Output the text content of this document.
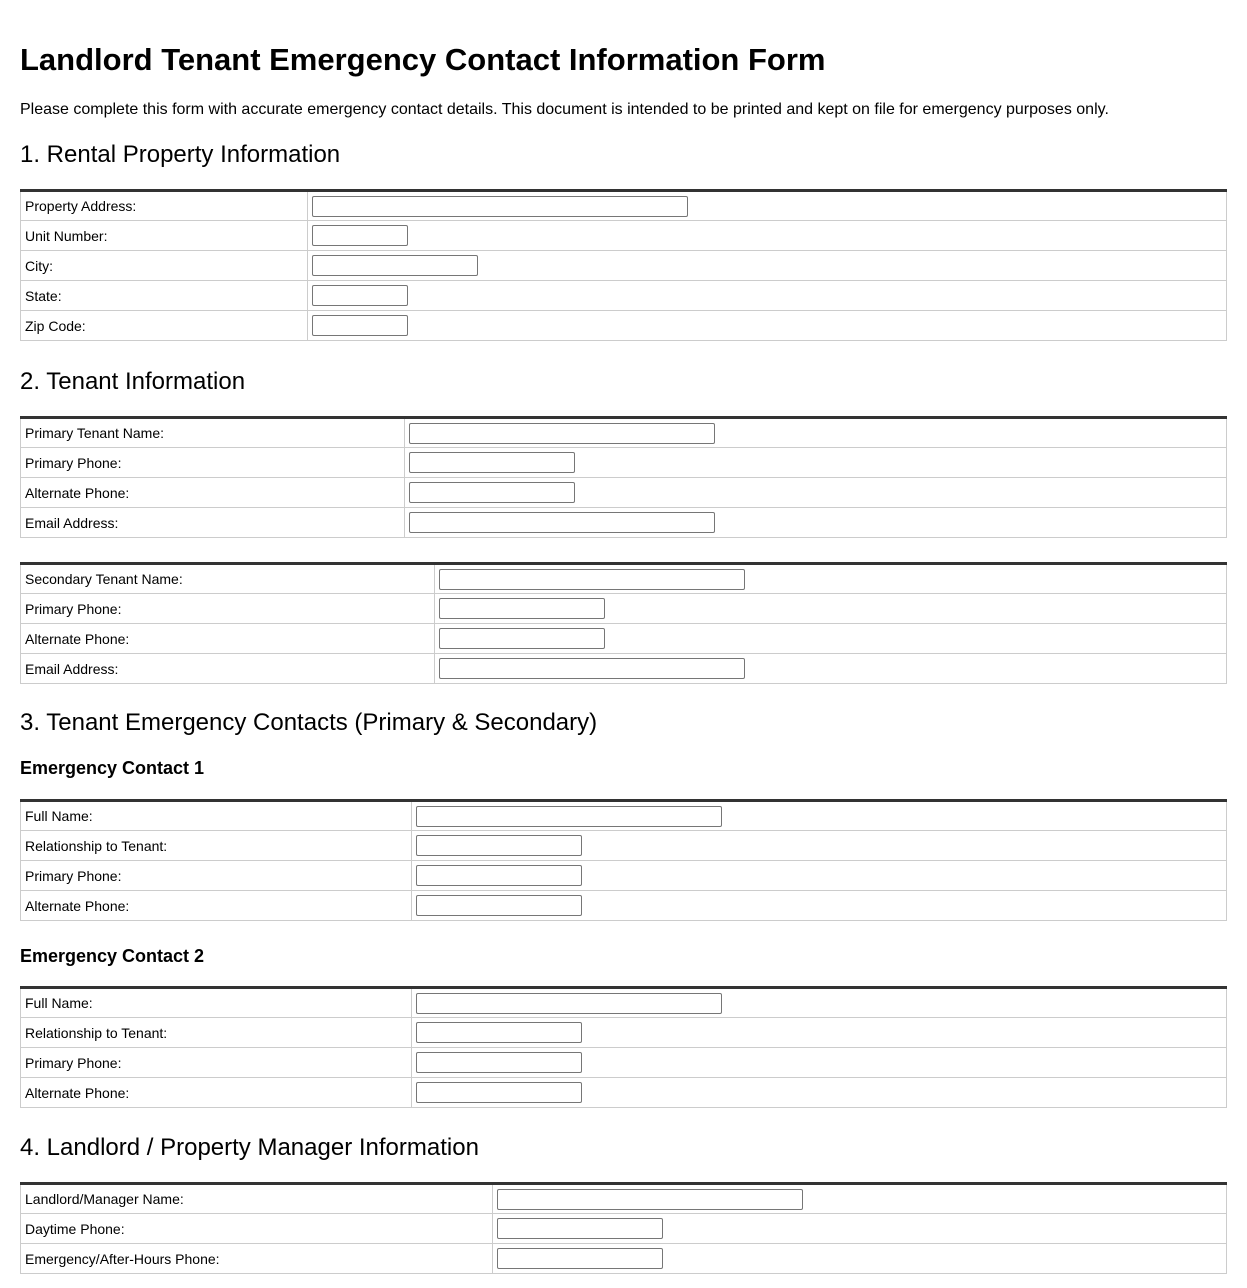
Landlord Tenant Emergency Contact Information Form

Please complete this form with accurate emergency contact details. This document is intended to be printed and kept on file for emergency purposes only.

1. Rental Property Information
Property Address:	

Unit Number:	

City:	

State:	

Zip Code:	
2. Tenant Information
Primary Tenant Name:	

Primary Phone:	

Alternate Phone:	

Email Address:	
Secondary Tenant Name:	

Primary Phone:	

Alternate Phone:	

Email Address:	
3. Tenant Emergency Contacts (Primary & Secondary)
Emergency Contact 1
Full Name:	

Relationship to Tenant:	

Primary Phone:	

Alternate Phone:	
Emergency Contact 2
Full Name:	

Relationship to Tenant:	

Primary Phone:	

Alternate Phone:	
4. Landlord / Property Manager Information
Landlord/Manager Name:	

Daytime Phone:	

Emergency/After-Hours Phone:	
